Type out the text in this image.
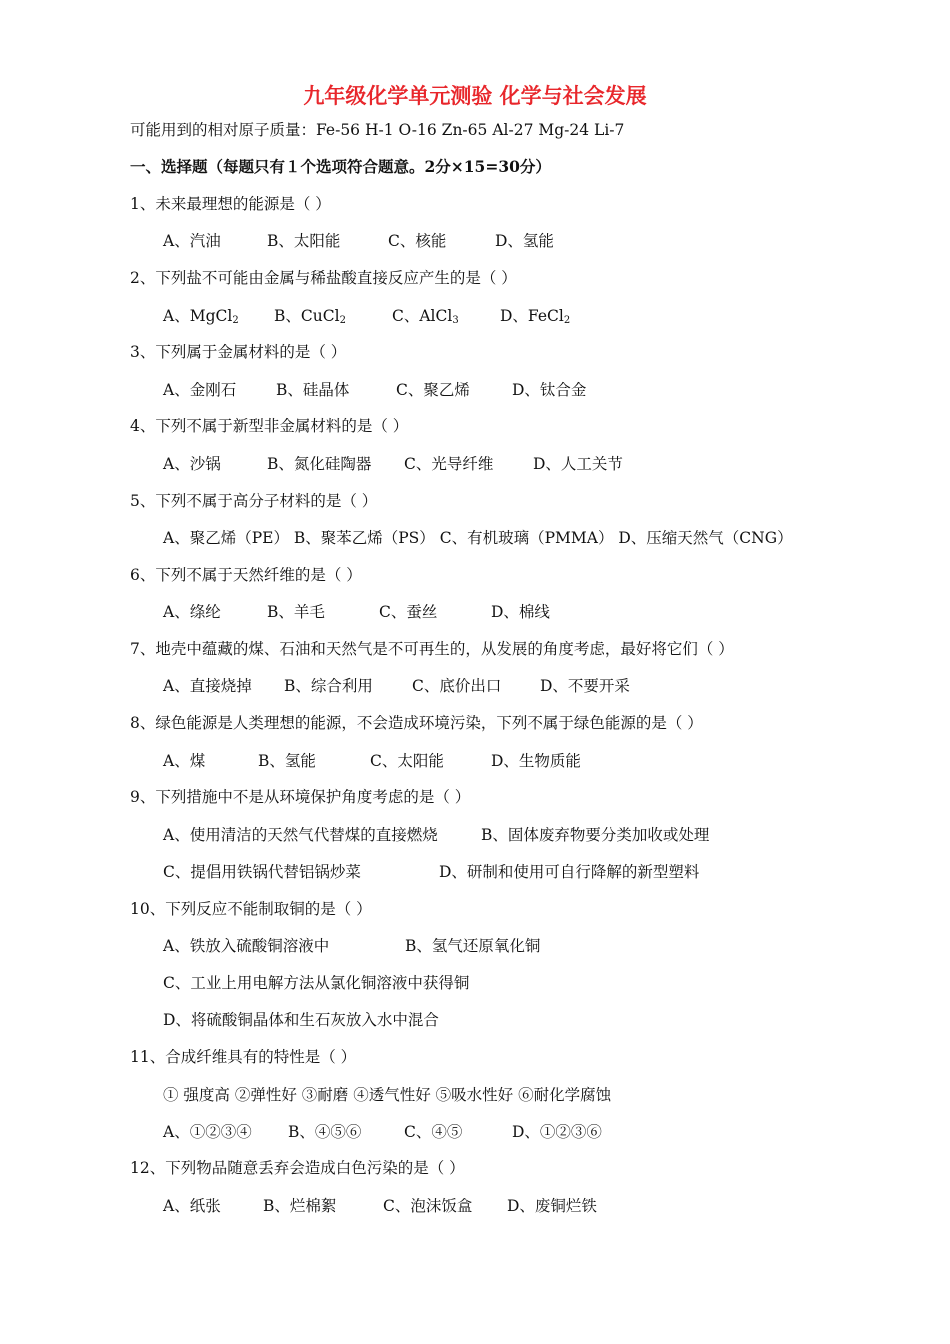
九年级化学单元测验 化学与社会发展
可能用到的相对原子质量：Fe-56 H-1 O-16 Zn-65 Al-27 Mg-24 Li-7
一、选择题（每题只有１个选项符合题意。2分×15=30分）
1、未来最理想的能源是（ ）
A、汽油	B、太阳能	C、核能	D、氢能
2、下列盐不可能由金属与稀盐酸直接反应产生的是（ ）
A、MgCl$_2$ B、CuCl$_2$	C、AlCl$_3$	D、FeCl$_2$
3、下列属于金属材料的是（ ）
A、金刚石	B、硅晶体	C、聚乙烯	D、钛合金
4、下列不属于新型非金属材料的是（ ）
A、沙锅	B、氮化硅陶器 C、光导纤维	D、人工关节
5、下列不属于高分子材料的是（ ）
A、聚乙烯（PE） B、聚苯乙烯（PS） C、有机玻璃（PMMA） D、压缩天然气（CNG）
6、下列不属于天然纤维的是（ ）
A、绦纶	B、羊毛	C、蚕丝	D、棉线
7、地壳中蕴藏的煤、石油和天然气是不可再生的，从发展的角度考虑，最好将它们（ ）
A、直接烧掉 B、综合利用	C、底价出口 D、不要开采
8、绿色能源是人类理想的能源，不会造成环境污染，下列不属于绿色能源的是（ ）
A、煤	B、氢能	C、太阳能	D、生物质能
9、下列措施中不是从环境保护角度考虑的是（ ）
A、使用清洁的天然气代替煤的直接燃烧	B、固体废弃物要分类加收或处理
C、提倡用铁锅代替铝锅炒菜	D、研制和使用可自行降解的新型塑料
10、下列反应不能制取铜的是（ ）
A、铁放入硫酸铜溶液中	B、氢气还原氧化铜
C、工业上用电解方法从氯化铜溶液中获得铜
D、将硫酸铜晶体和生石灰放入水中混合
11、合成纤维具有的特性是（ ）
① 强度高 ②弹性好 ③耐磨 ④透气性好 ⑤吸水性好 ⑥耐化学腐蚀
A、①②③④ B、④⑤⑥	C、④⑤	D、①②③⑥
12、下列物品随意丢弃会造成白色污染的是（ ）
A、纸张	B、烂棉絮	C、泡沫饭盒 D、废铜烂铁
